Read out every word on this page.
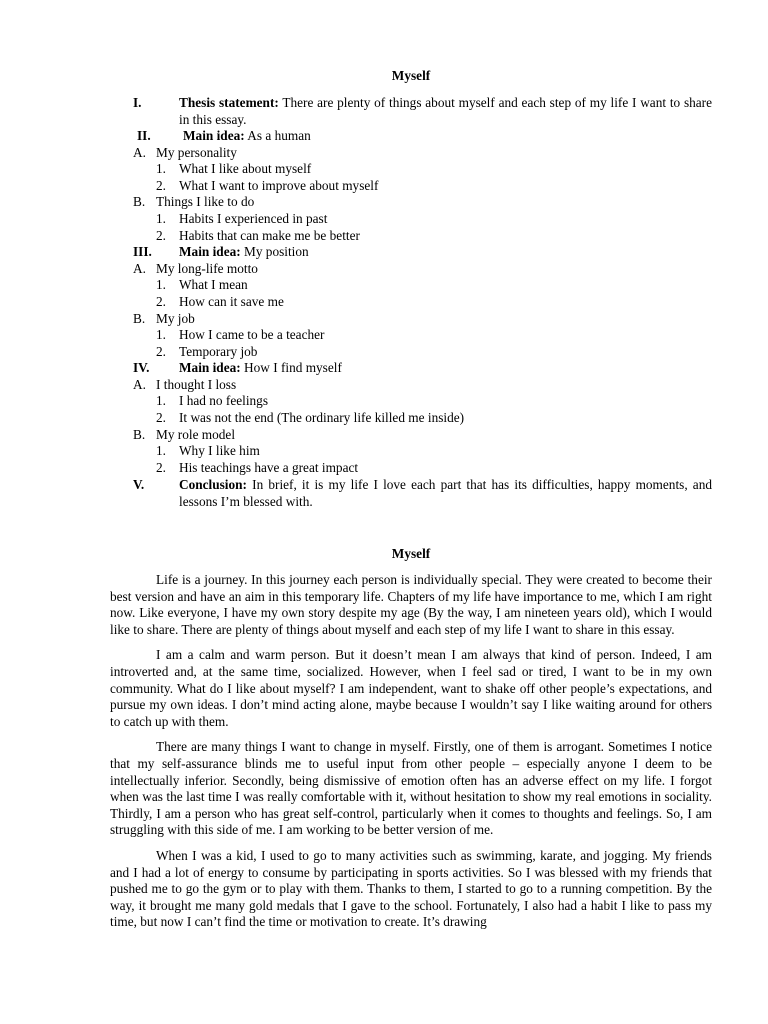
Myself
I.	Thesis statement: There are plenty of things about myself and each step of my life I want to share in this essay.
II. Main idea: As a human
A. My personality
1. What I like about myself
2. What I want to improve about myself
B. Things I like to do
1. Habits I experienced in past
2. Habits that can make me be better
III. Main idea: My position
A. My long-life motto
1. What I mean
2. How can it save me
B. My job
1. How I came to be a teacher
2. Temporary job
IV. Main idea: How I find myself
A. I thought I loss
1. I had no feelings
2. It was not the end (The ordinary life killed me inside)
B. My role model
1. Why I like him
2. His teachings have a great impact
V.	Conclusion: In brief, it is my life I love each part that has its difficulties, happy moments, and lessons I’m blessed with.
Myself

Life is a journey. In this journey each person is individually special. They were created to become their best version and have an aim in this temporary life. Chapters of my life have importance to me, which I am right now. Like everyone, I have my own story despite my age (By the way, I am nineteen years old), which I would like to share. There are plenty of things about myself and each step of my life I want to share in this essay.

I am a calm and warm person. But it doesn’t mean I am always that kind of person. Indeed, I am introverted and, at the same time, socialized. However, when I feel sad or tired, I want to be in my own community. What do I like about myself? I am independent, want to shake off other people’s expectations, and pursue my own ideas. I don’t mind acting alone, maybe because I wouldn’t say I like waiting around for others to catch up with them.

There are many things I want to change in myself. Firstly, one of them is arrogant. Sometimes I notice that my self-assurance blinds me to useful input from other people – especially anyone I deem to be intellectually inferior. Secondly, being dismissive of emotion often has an adverse effect on my life. I forgot when was the last time I was really comfortable with it, without hesitation to show my real emotions in sociality. Thirdly, I am a person who has great self-control, particularly when it comes to thoughts and feelings. So, I am struggling with this side of me. I am working to be better version of me.

When I was a kid, I used to go to many activities such as swimming, karate, and jogging. My friends and I had a lot of energy to consume by participating in sports activities. So I was blessed with my friends that pushed me to go the gym or to play with them. Thanks to them, I started to go to a running competition. By the way, it brought me many gold medals that I gave to the school. Fortunately, I also had a habit I like to pass my time, but now I can’t find the time or motivation to create. It’s drawing
